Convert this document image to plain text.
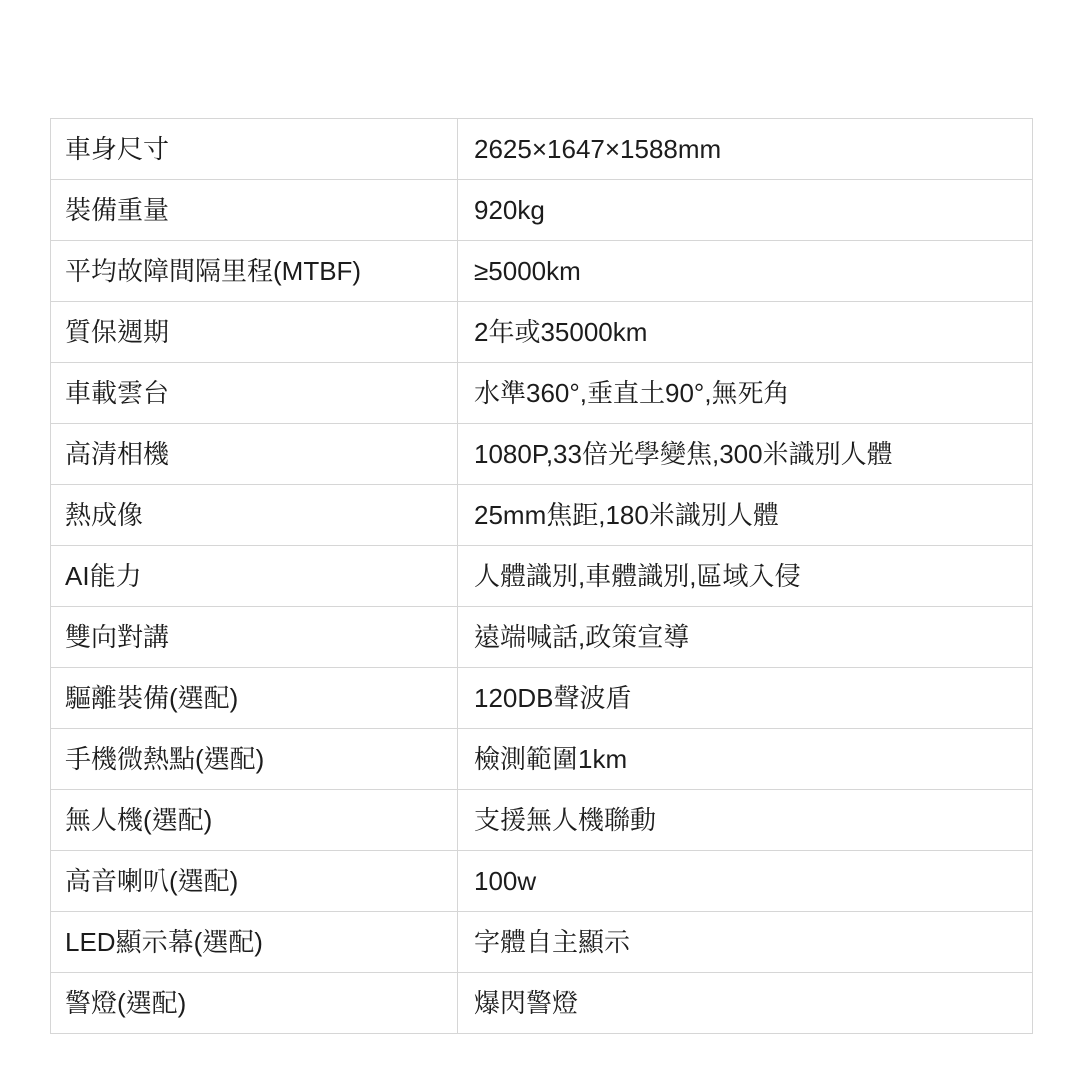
車身尺寸	2625×1647×1588mm
裝備重量	920kg
平均故障間隔里程(MTBF)	≥5000km
質保週期	2年或35000km
車載雲台	水準360°,垂直土90°,無死角
高清相機	1080P,33倍光學變焦,300米識別人體
熱成像	25mm焦距,180米識別人體
AI能力	人體識別,車體識別,區域入侵
雙向對講	遠端喊話,政策宣導
驅離裝備(選配)	120DB聲波盾
手機微熱點(選配)	檢測範圍1km
無人機(選配)	支援無人機聯動
高音喇叭(選配)	100w
LED顯示幕(選配)	字體自主顯示
警燈(選配)	爆閃警燈
